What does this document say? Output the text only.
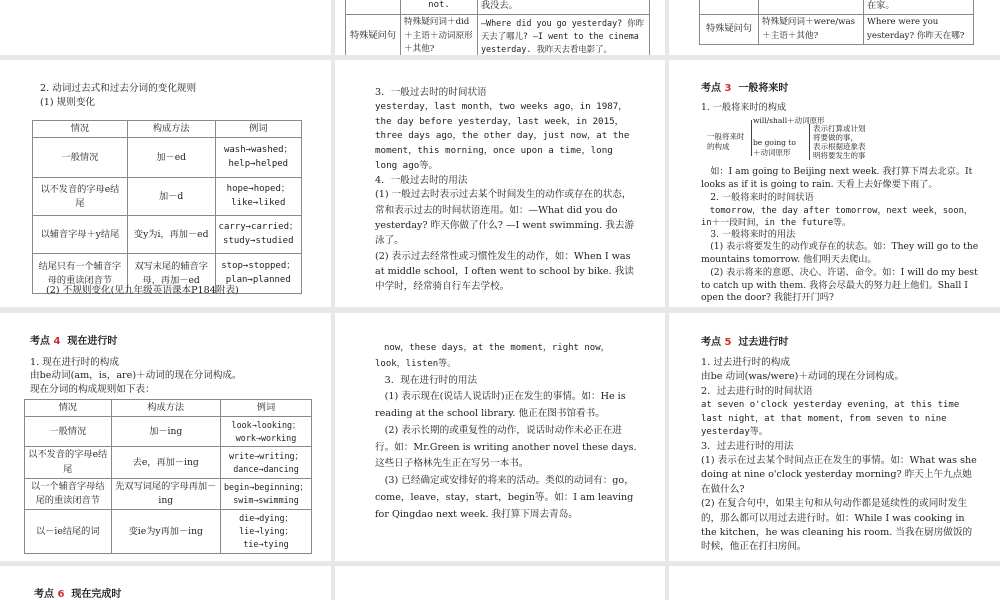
	not.	我没去。
特殊疑问句	特殊疑问词＋did＋主语＋动词原形＋其他?	—Where did you go yesterday? 你昨天去了哪儿? —I went to the cinema yesterday. 我昨天去看电影了。
		在家。
特殊疑问句	特殊疑问词＋were/was＋主语＋其他?	Where were you yesterday? 你昨天在哪?

2. 动词过去式和过去分词的变化规则

(1) 规则变化

情况	构成方法	例词
一般情况	加－ed	wash→washed；help→helped
以不发音的字母e结尾	加－d	hope→hoped；like→liked
以辅音字母＋y结尾	变y为i，再加－ed	carry→carried；study→studied
结尾只有一个辅音字母的重读闭音节	双写末尾的辅音字母，再加－ed	stop→stopped；plan→planned

(2) 不规则变化(见九年级英语课本P184附表)

3．一般过去时的时间状语

yesterday，last month，two weeks ago，in 1987，the day before yesterday，last week，in 2015，three days ago，the other day，just now，at the moment，this morning，once upon a time，long long ago等。

4．一般过去时的用法

(1) 一般过去时表示过去某个时间发生的动作或存在的状态，常和表示过去的时间状语连用。如：—What did you do yesterday? 昨天你做了什么? —I went swimming. 我去游泳了。

(2) 表示过去经常性或习惯性发生的动作，如：When I was at middle school，I often went to school by bike. 我读中学时，经常骑自行车去学校。

考点 3 一般将来时

1. 一般将来时的构成

一般将来时的构成
will/shall＋动词原形
be going to＋动词原形
表示打算或计划
将要做的事，
表示根据迹象表
明将要发生的事

如：I am going to Beijing next week. 我打算下周去北京。It looks as if it is going to rain. 天看上去好像要下雨了。

2. 一般将来时的时间状语

tomorrow，the day after tomorrow，next week，soon，in＋一段时间，in the future等。

3. 一般将来时的用法

(1) 表示将要发生的动作或存在的状态。如：They will go to the mountains tomorrow. 他们明天去爬山。

(2) 表示将来的意愿、决心、许诺、命令。如：I will do my best to catch up with them. 我将会尽最大的努力赶上他们。Shall I open the door? 我能打开门吗?

考点 4 现在进行时

1. 现在进行时的构成

由be动词(am，is，are)＋动词的现在分词构成。

现在分词的构成规则如下表：

情况	构成方法	例词
一般情况	加－ing	look→looking；work→working
以不发音的字母e结尾	去e，再加－ing	write→writing；dance→dancing
以一个辅音字母结尾的重读闭音节	先双写词尾的字母再加－ing	begin→beginning；swim→swimming
以－ie结尾的词	变ie为y再加－ing	die→dying；lie→lying；tie→tying

now，these days，at the moment，right now，look，listen等。

3．现在进行时的用法

(1) 表示现在(说话人说话时)正在发生的事情。如：He is reading at the school library. 他正在图书馆看书。

(2) 表示长期的或重复性的动作，说话时动作未必正在进行。如：Mr.Green is writing another novel these days. 这些日子格林先生正在写另一本书。

(3) 已经确定或安排好的将来的活动。类似的动词有：go，come，leave，stay，start，begin等。如：I am leaving for Qingdao next week. 我打算下周去青岛。

考点 5 过去进行时

1. 过去进行时的构成

由be 动词(was/were)＋动词的现在分词构成。

2．过去进行时的时间状语

at seven o'clock yesterday evening，at this time last night，at that moment，from seven to nine yesterday等。

3．过去进行时的用法

(1) 表示在过去某个时间点正在发生的事情。如：What was she doing at nine o'clock yesterday morning? 昨天上午九点她在做什么?

(2) 在复合句中，如果主句和从句动作都是延续性的或同时发生的，那么都可以用过去进行时。如：While I was cooking in the kitchen，he was cleaning his room. 当我在厨房做饭的时候，他正在打扫房间。

考点 6 现在完成时
